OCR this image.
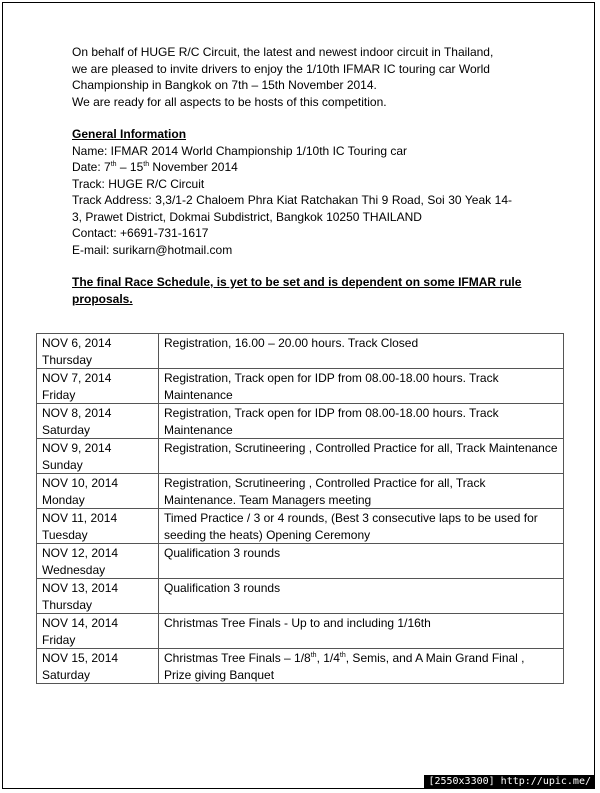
On behalf of HUGE R/C Circuit, the latest and newest indoor circuit in Thailand,
we are pleased to invite drivers to enjoy the 1/10th IFMAR IC touring car World
Championship in Bangkok on 7th – 15th November 2014.
We are ready for all aspects to be hosts of this competition.
General Information
Name: IFMAR 2014 World Championship 1/10th IC Touring car
Date: 7th – 15th November 2014
Track: HUGE R/C Circuit
Track Address: 3,3/1-2 Chaloem Phra Kiat Ratchakan Thi 9 Road, Soi 30 Yeak 14-3, Prawet District, Dokmai Subdistrict, Bangkok 10250 THAILAND
Contact: +6691-731-1617
E-mail: surikarn@hotmail.com
The final Race Schedule, is yet to be set and is dependent on some IFMAR rule proposals.
NOV 6, 2014
Thursday	Registration, 16.00 – 20.00 hours. Track Closed
NOV 7, 2014
Friday	Registration, Track open for IDP from 08.00-18.00 hours. Track Maintenance
NOV 8, 2014
Saturday	Registration, Track open for IDP from 08.00-18.00 hours. Track Maintenance
NOV 9, 2014
Sunday	Registration, Scrutineering , Controlled Practice for all, Track Maintenance
NOV 10, 2014
Monday	Registration, Scrutineering , Controlled Practice for all, Track Maintenance. Team Managers meeting
NOV 11, 2014
Tuesday	Timed Practice / 3 or 4 rounds, (Best 3 consecutive laps to be used for seeding the heats) Opening Ceremony
NOV 12, 2014
Wednesday	Qualification 3 rounds
NOV 13, 2014
Thursday	Qualification 3 rounds
NOV 14, 2014
Friday	Christmas Tree Finals - Up to and including 1/16th
NOV 15, 2014
Saturday	Christmas Tree Finals – 1/8th, 1/4th, Semis, and A Main Grand Final ,
Prize giving Banquet
[2550x3300] http://upic.me/
